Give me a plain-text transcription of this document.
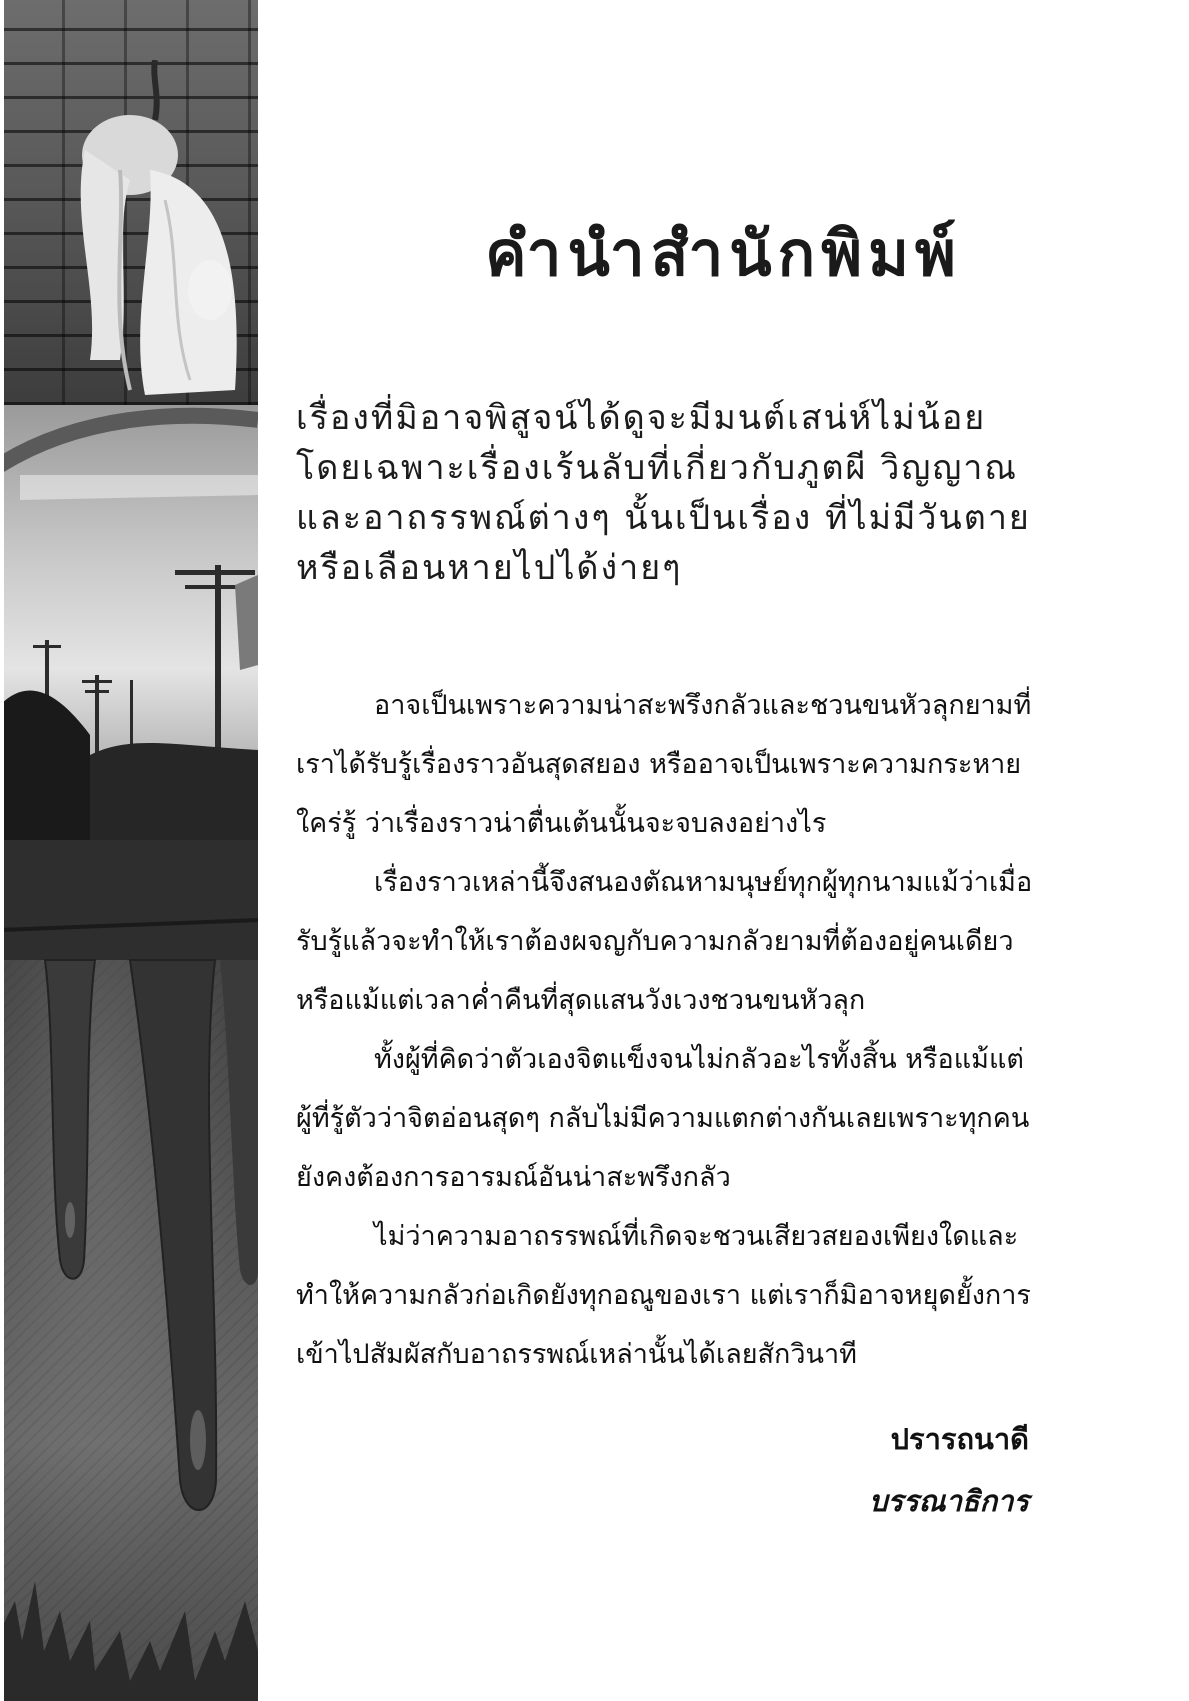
คำนำสำนักพิมพ์

เรื่องที่มิอาจพิสูจน์ได้ดูจะมีมนต์เสน่ห์ไม่น้อย โดยเฉพาะเรื่องเร้นลับที่เกี่ยวกับภูตผี วิญญาณและอาถรรพณ์ต่างๆ นั้นเป็นเรื่อง ที่ไม่มีวันตาย หรือเลือนหายไปได้ง่ายๆ

อาจเป็นเพราะความน่าสะพรึงกลัวและชวนขนหัวลุกยามที่เราได้รับรู้เรื่องราวอันสุดสยอง หรืออาจเป็นเพราะความกระหายใคร่รู้ ว่าเรื่องราวน่าตื่นเต้นนั้นจะจบลงอย่างไร

เรื่องราวเหล่านี้จึงสนองตัณหามนุษย์ทุกผู้ทุกนามแม้ว่าเมื่อรับรู้แล้วจะทำให้เราต้องผจญกับความกลัวยามที่ต้องอยู่คนเดียว หรือแม้แต่เวลาค่ำคืนที่สุดแสนวังเวงชวนขนหัวลุก

ทั้งผู้ที่คิดว่าตัวเองจิตแข็งจนไม่กลัวอะไรทั้งสิ้น หรือแม้แต่ผู้ที่รู้ตัวว่าจิตอ่อนสุดๆ กลับไม่มีความแตกต่างกันเลยเพราะทุกคนยังคงต้องการอารมณ์อันน่าสะพรึงกลัว

ไม่ว่าความอาถรรพณ์ที่เกิดจะชวนเสียวสยองเพียงใดและทำให้ความกลัวก่อเกิดยังทุกอณูของเรา แต่เราก็มิอาจหยุดยั้งการเข้าไปสัมผัสกับอาถรรพณ์เหล่านั้นได้เลยสักวินาที

ปรารถนาดี
บรรณาธิการ
